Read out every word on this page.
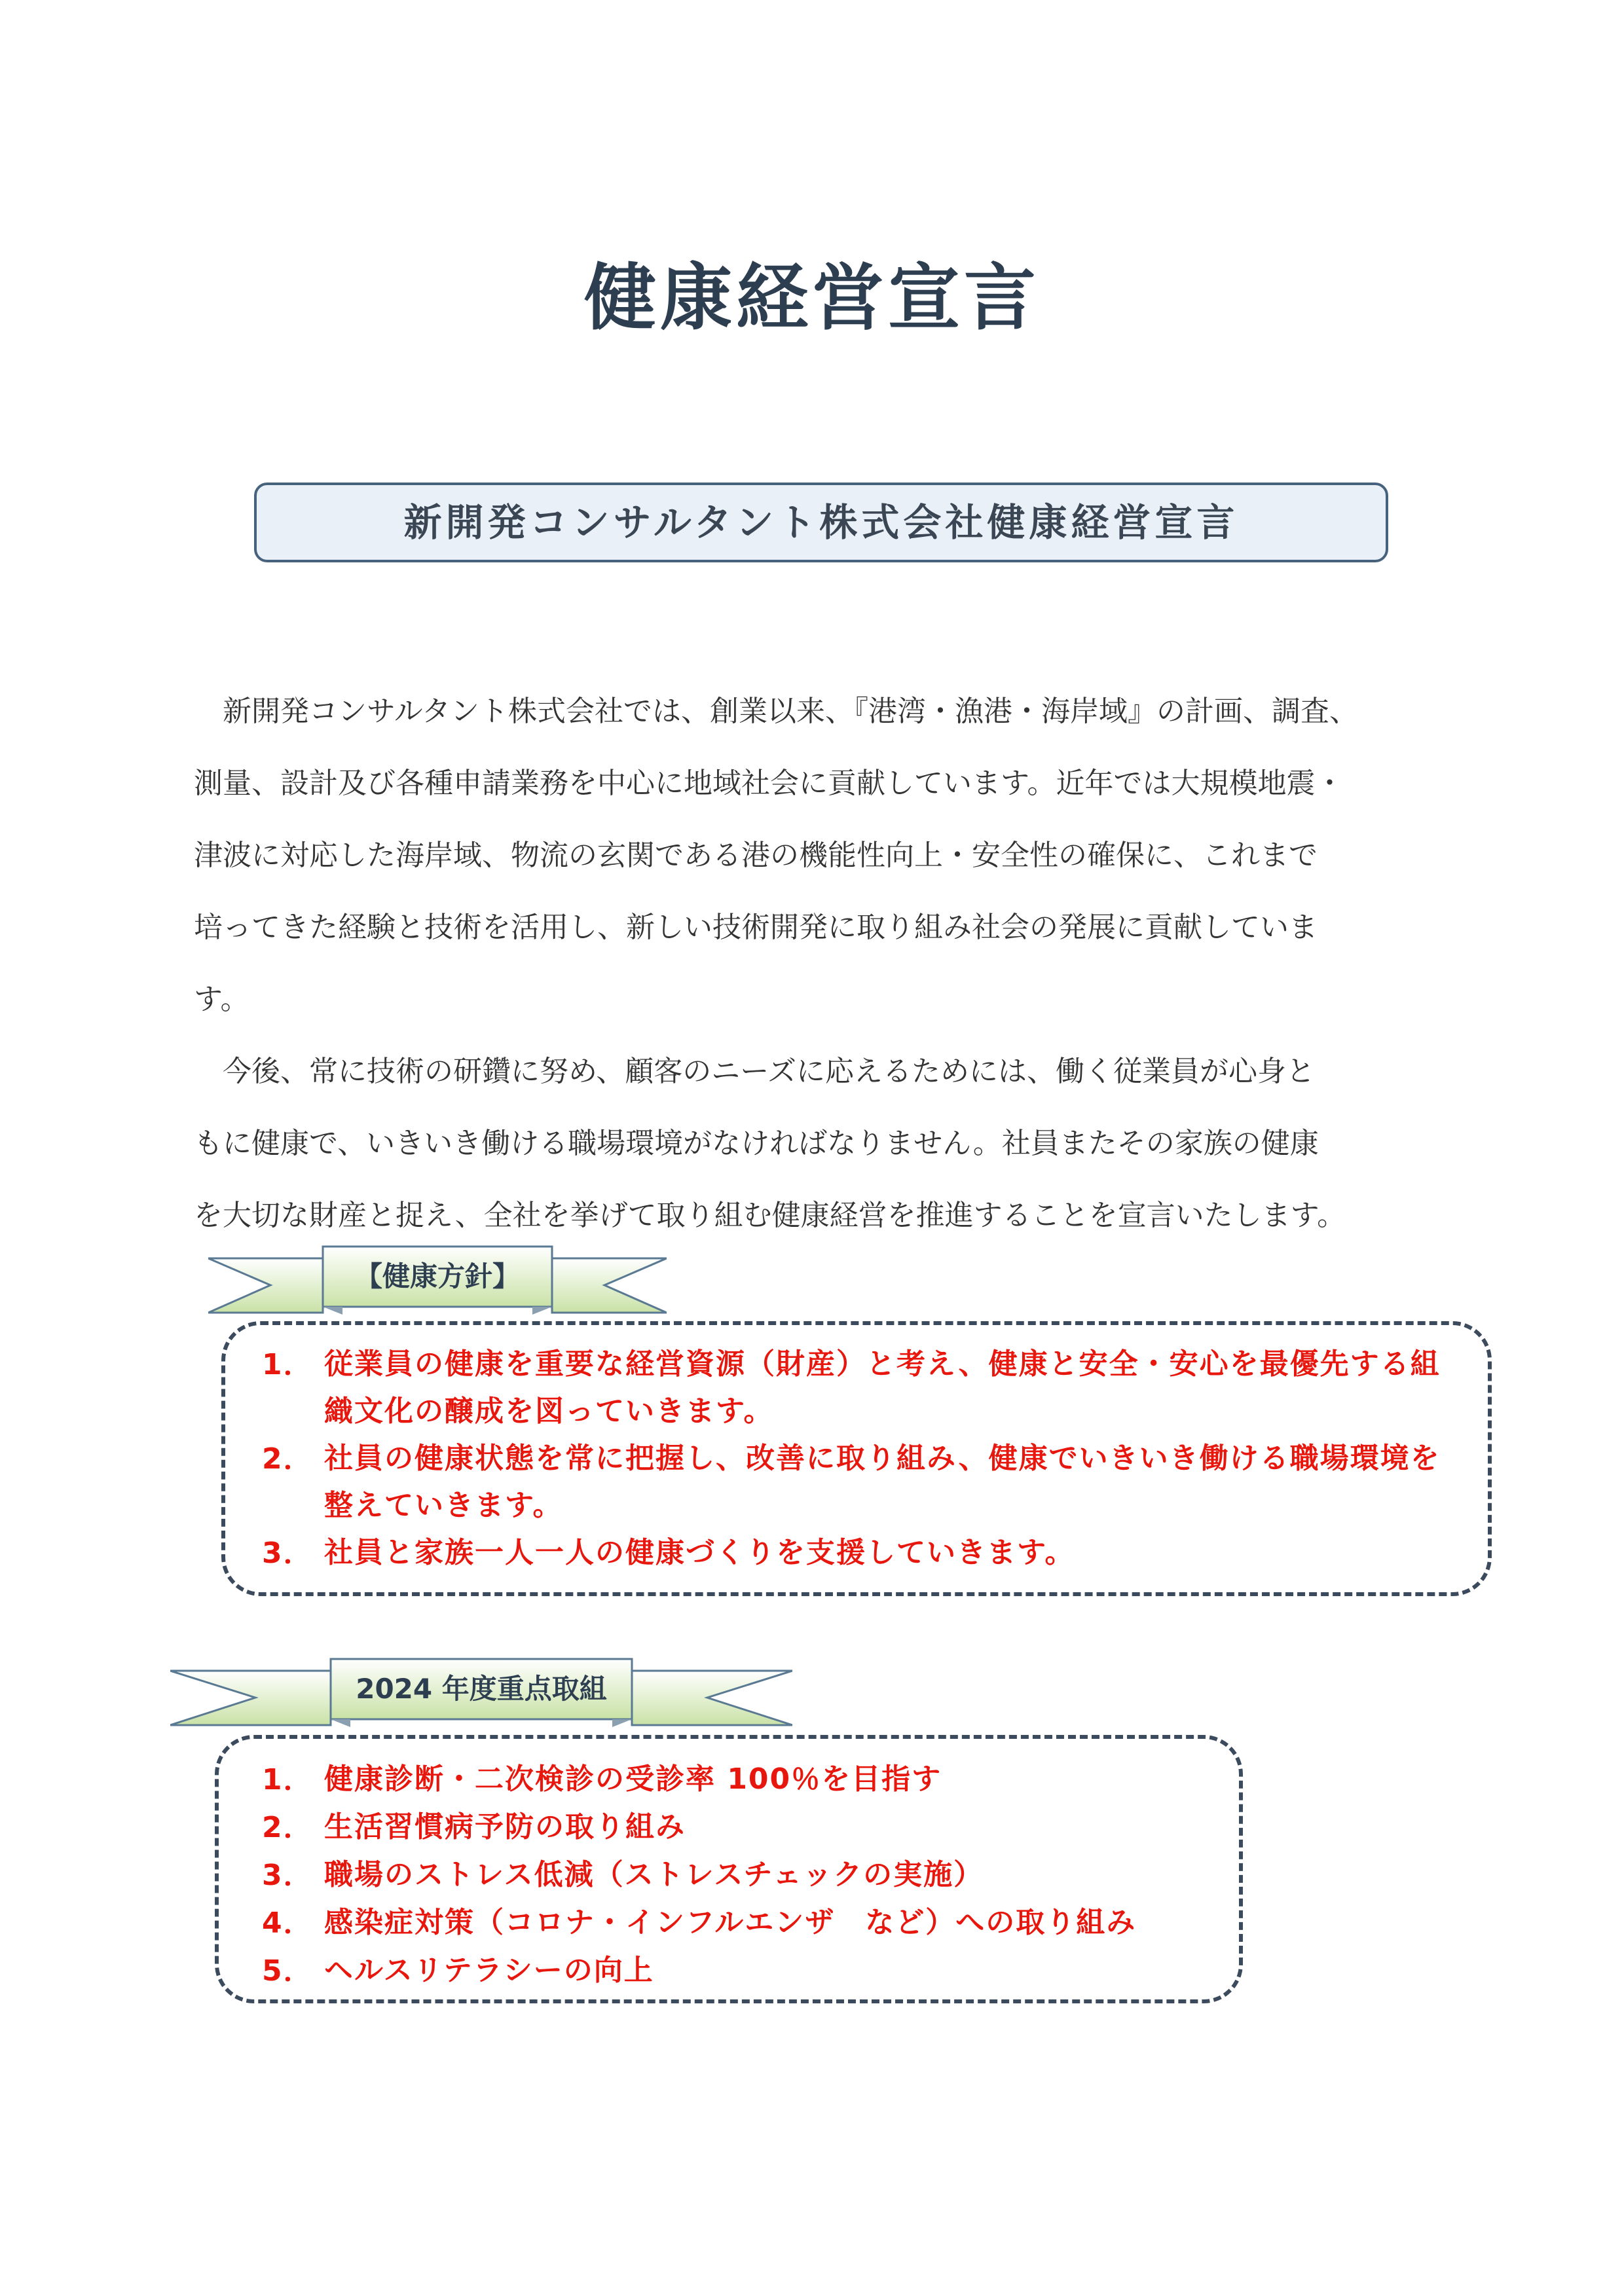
健康経営宣言
新開発コンサルタント株式会社健康経営宣言

　新開発コンサルタント株式会社では、創業以来、『港湾・漁港・海岸域』の計画、調査、

測量、設計及び各種申請業務を中心に地域社会に貢献しています。近年では大規模地震・

津波に対応した海岸域、物流の玄関である港の機能性向上・安全性の確保に、これまで

培ってきた経験と技術を活用し、新しい技術開発に取り組み社会の発展に貢献していま

す。

　今後、常に技術の研鑽に努め、顧客のニーズに応えるためには、働く従業員が心身と

もに健康で、いきいき働ける職場環境がなければなりません。社員またその家族の健康

を大切な財産と捉え、全社を挙げて取り組む健康経営を推進することを宣言いたします。

【健康方針】
1． 従業員の健康を重要な経営資源（財産）と考え、健康と安全・安心を最優先する組織文化の醸成を図っていきます。
2． 社員の健康状態を常に把握し、改善に取り組み、健康でいきいき働ける職場環境を整えていきます。
3． 社員と家族一人一人の健康づくりを支援していきます。
2024 年度重点取組
1． 健康診断・二次検診の受診率 100％を目指す
2． 生活習慣病予防の取り組み
3． 職場のストレス低減（ストレスチェックの実施）
4． 感染症対策（コロナ・インフルエンザ　など）への取り組み
5． ヘルスリテラシーの向上
